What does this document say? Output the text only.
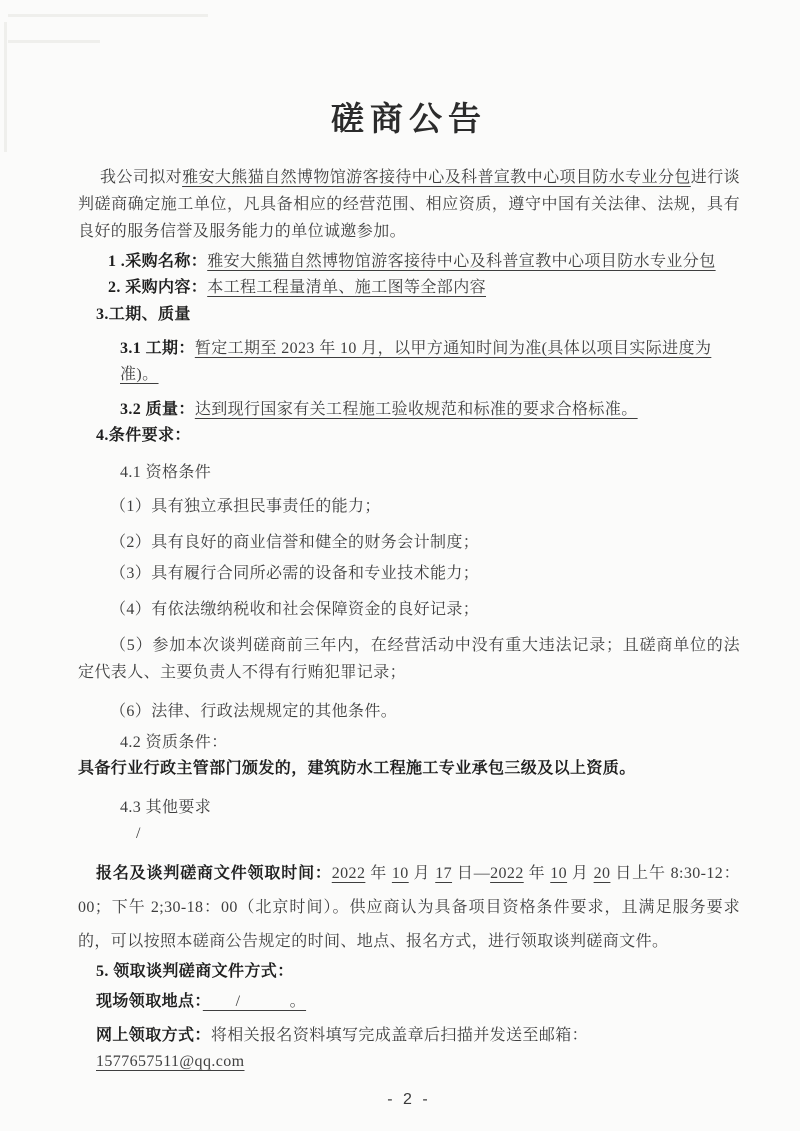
磋商公告

我公司拟对雅安大熊猫自然博物馆游客接待中心及科普宣教中心项目防水专业分包进行谈判磋商确定施工单位，凡具备相应的经营范围、相应资质，遵守中国有关法律、法规，具有良好的服务信誉及服务能力的单位诚邀参加。

1 .采购名称：雅安大熊猫自然博物馆游客接待中心及科普宣教中心项目防水专业分包

2. 采购内容：本工程工程量清单、施工图等全部内容

3.工期、质量

3.1 工期：暂定工期至 2023 年 10 月，以甲方通知时间为准(具体以项目实际进度为准)。

3.2 质量：达到现行国家有关工程施工验收规范和标准的要求合格标准。

4.条件要求：

4.1 资格条件

（1）具有独立承担民事责任的能力；

（2）具有良好的商业信誉和健全的财务会计制度；

（3）具有履行合同所必需的设备和专业技术能力；

（4）有依法缴纳税收和社会保障资金的良好记录；

（5）参加本次谈判磋商前三年内，在经营活动中没有重大违法记录；且磋商单位的法定代表人、主要负责人不得有行贿犯罪记录；

（6）法律、行政法规规定的其他条件。

4.2 资质条件：

具备行业行政主管部门颁发的，建筑防水工程施工专业承包三级及以上资质。

4.3 其他要求

/

报名及谈判磋商文件领取时间：2022 年 10 月 17 日—2022 年 10 月 20 日上午 8:30-12：00；下午 2;30-18：00（北京时间）。供应商认为具备项目资格条件要求，且满足服务要求的，可以按照本磋商公告规定的时间、地点、报名方式，进行领取谈判磋商文件。

5. 领取谈判磋商文件方式：

现场领取地点：　　/　　　。

网上领取方式：将相关报名资料填写完成盖章后扫描并发送至邮箱： 1577657511@qq.com

- 2 -
